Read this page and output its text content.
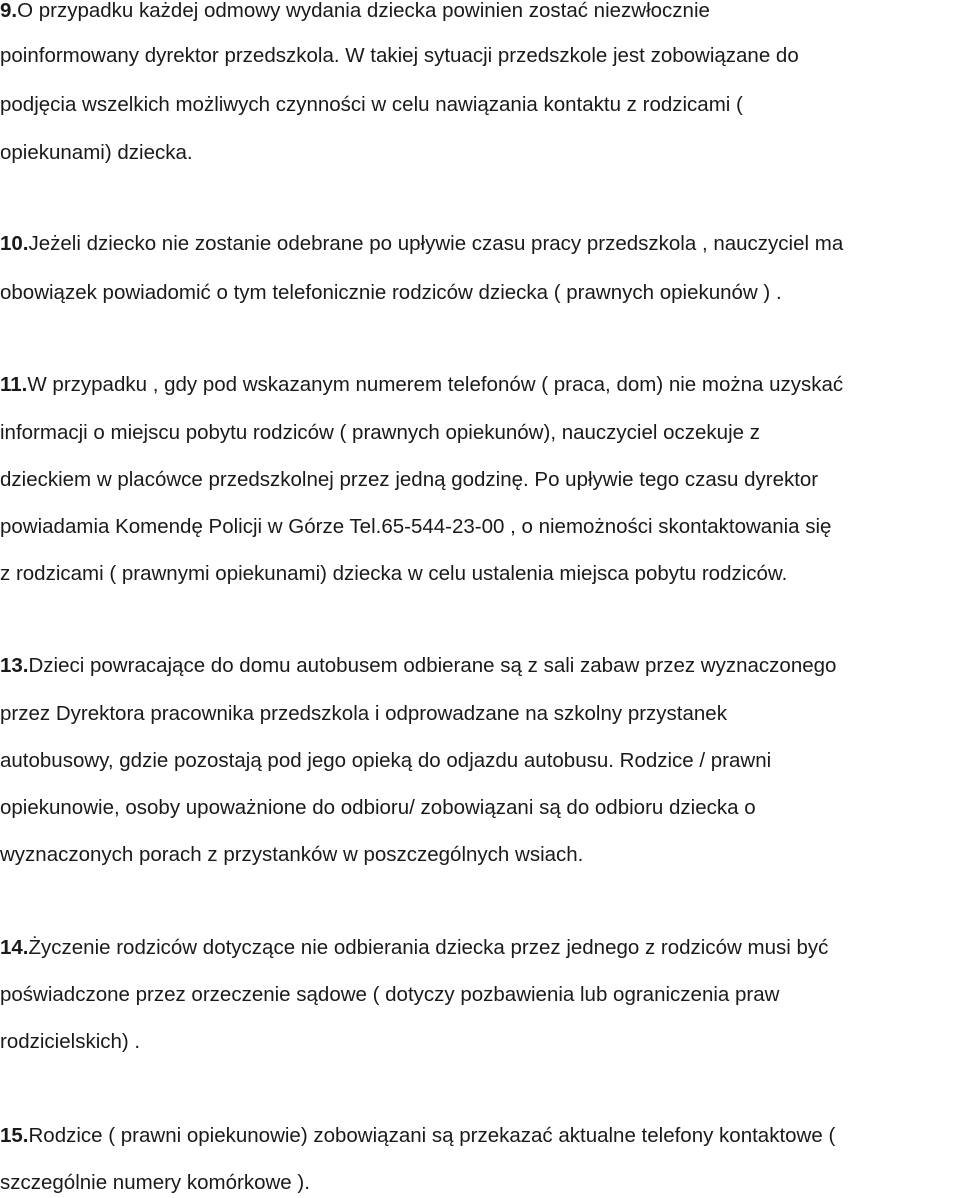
9.O przypadku każdej odmowy wydania dziecka powinien zostać niezwłocznie
poinformowany dyrektor przedszkola. W takiej sytuacji przedszkole jest zobowiązane do
podjęcia wszelkich możliwych czynności w celu nawiązania kontaktu z rodzicami (
opiekunami) dziecka.
10.Jeżeli dziecko nie zostanie odebrane po upływie czasu pracy przedszkola , nauczyciel ma
obowiązek powiadomić o tym telefonicznie rodziców dziecka ( prawnych opiekunów ) .
11.W przypadku , gdy pod wskazanym numerem telefonów ( praca, dom) nie można uzyskać
informacji o miejscu pobytu rodziców ( prawnych opiekunów), nauczyciel oczekuje z
dzieckiem w placówce przedszkolnej przez jedną godzinę. Po upływie tego czasu dyrektor
powiadamia Komendę Policji w Górze Tel.65-544-23-00 , o niemożności skontaktowania się
z rodzicami ( prawnymi opiekunami) dziecka w celu ustalenia miejsca pobytu rodziców.
13.Dzieci powracające do domu autobusem odbierane są z sali zabaw przez wyznaczonego
przez Dyrektora pracownika przedszkola i odprowadzane na szkolny przystanek
autobusowy, gdzie pozostają pod jego opieką do odjazdu autobusu. Rodzice / prawni
opiekunowie, osoby upoważnione do odbioru/ zobowiązani są do odbioru dziecka o
wyznaczonych porach z przystanków w poszczególnych wsiach.
14.Życzenie rodziców dotyczące nie odbierania dziecka przez jednego z rodziców musi być
poświadczone przez orzeczenie sądowe ( dotyczy pozbawienia lub ograniczenia praw
rodzicielskich) .
15.Rodzice ( prawni opiekunowie) zobowiązani są przekazać aktualne telefony kontaktowe (
szczególnie numery komórkowe ).
